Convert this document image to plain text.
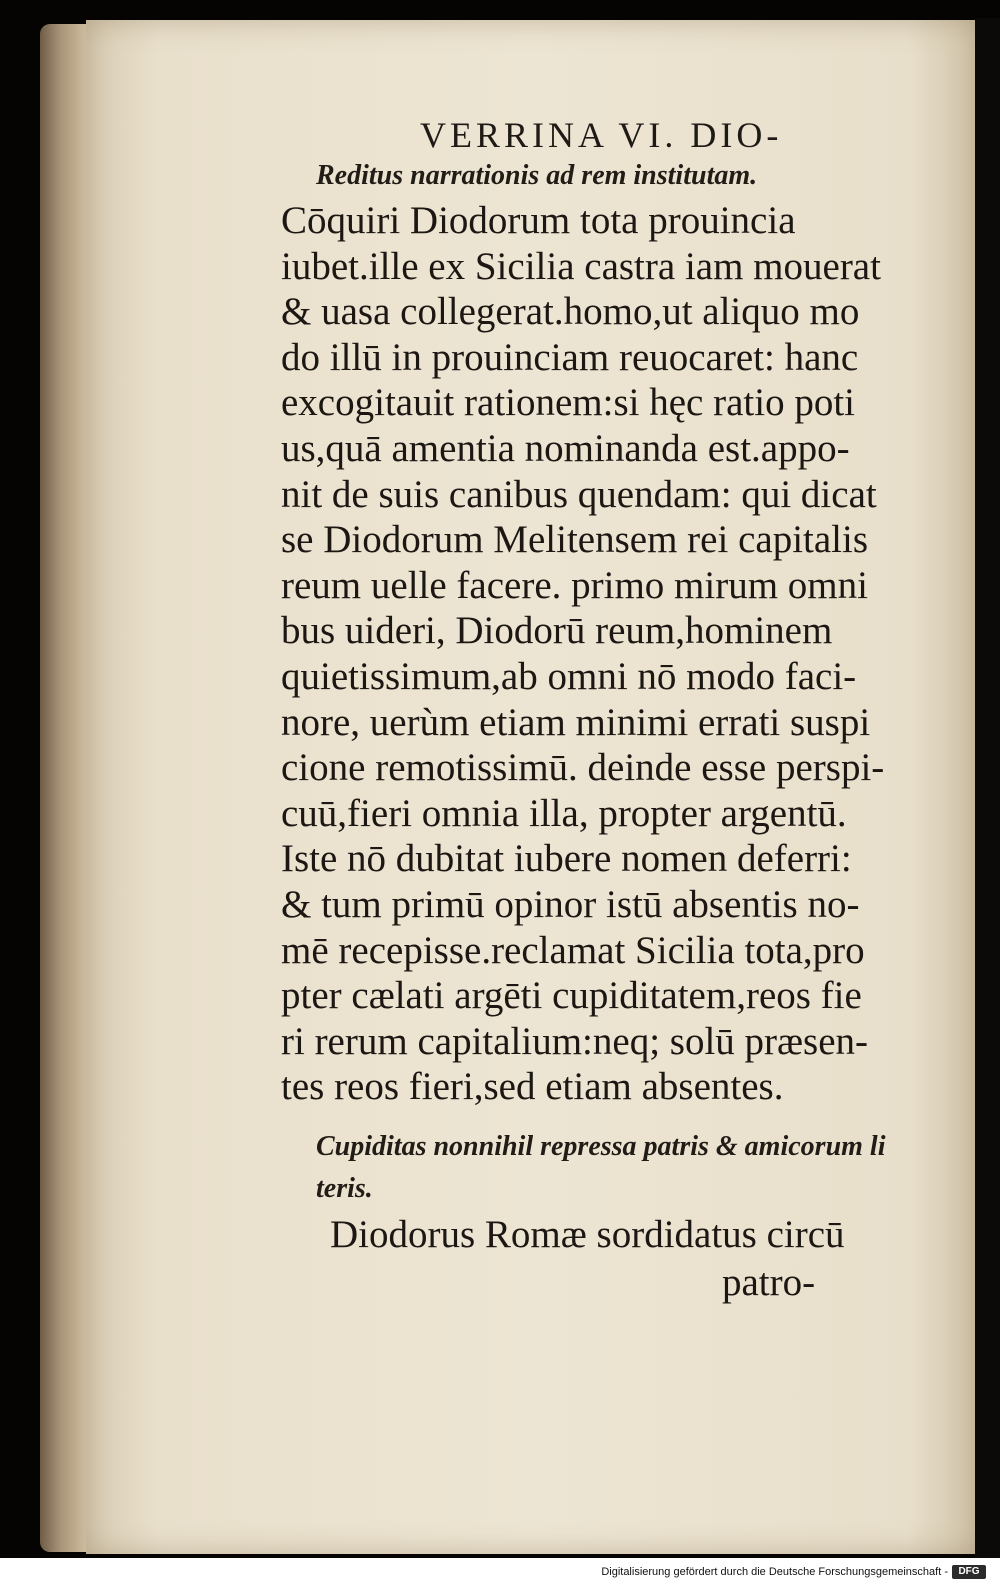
VERRINA VI. DIO-
Reditus narrationis ad rem institutam.
Cōquiri Diodorum tota prouincia
iubet.ille ex Sicilia castra iam mouerat
& uasa collegerat.homo,ut aliquo mo
do illū in prouinciam reuocaret: hanc
excogitauit rationem:si hęc ratio poti
us,quā amentia nominanda est.appo-
nit de suis canibus quendam: qui dicat
se Diodorum Melitensem rei capitalis
reum uelle facere. primo mirum omni
bus uideri, Diodorū reum,hominem
quietissimum,ab omni nō modo faci-
nore, uerùm etiam minimi errati suspi
cione remotissimū. deinde esse perspi-
cuū,fieri omnia illa, propter argentū.
Iste nō dubitat iubere nomen deferri:
& tum primū opinor istū absentis no-
mē recepisse.reclamat Sicilia tota,pro
pter cælati argēti cupiditatem,reos fie
ri rerum capitalium:neq; solū præsen-
tes reos fieri,sed etiam absentes.
Cupiditas nonnihil repressa patris & amicorum li
teris.
Diodorus Romæ sordidatus circū
patro-
Digitalisierung gefördert durch die Deutsche Forschungsgemeinschaft -	DFG
